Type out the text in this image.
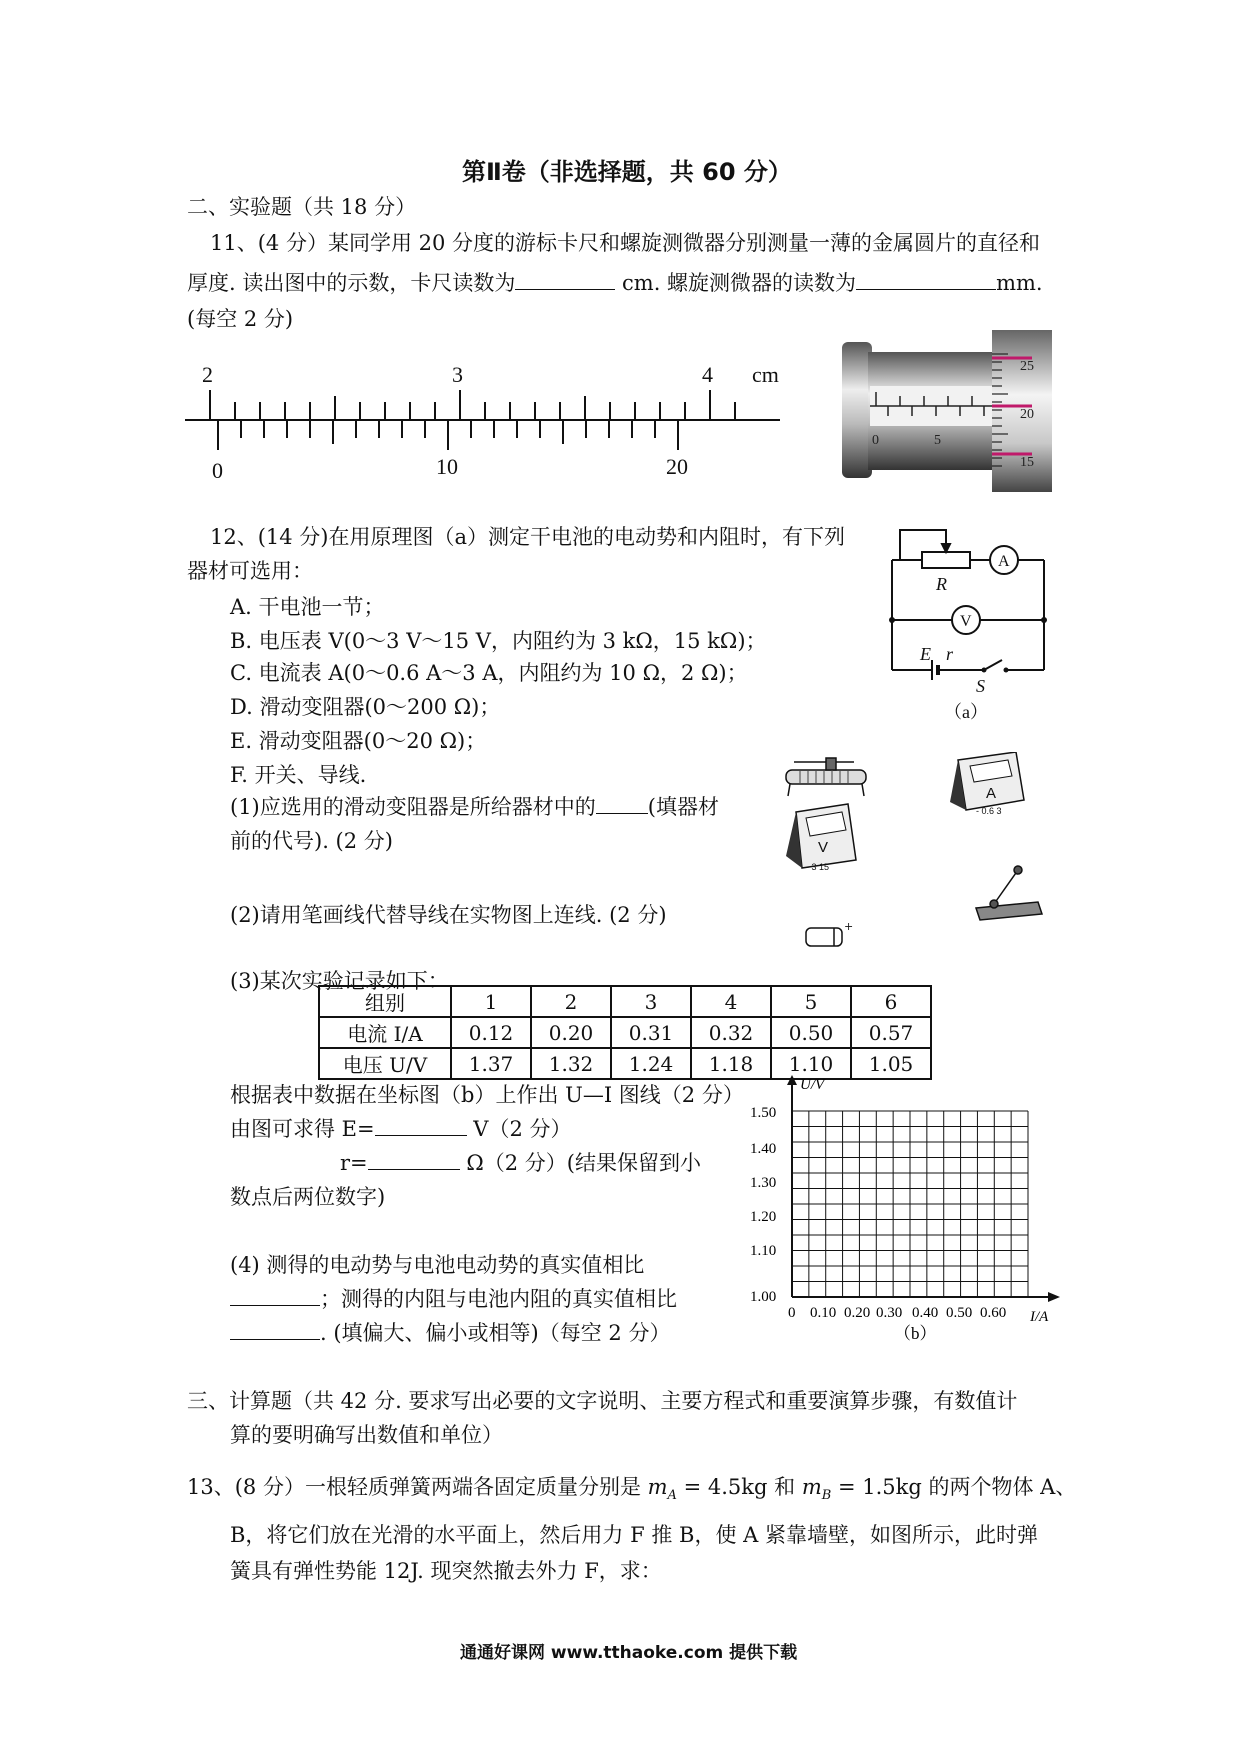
第Ⅱ卷（非选择题，共 60 分）
二、实验题（共 18 分）
11、(4 分）某同学用 20 分度的游标卡尺和螺旋测微器分别测量一薄的金属圆片的直径和
厚度. 读出图中的示数，卡尺读数为	cm. 螺旋测微器的读数为	mm.
(每空 2 分)
2	3	4 cm
0	10	20
0	5
25
20
15
12、(14 分)在用原理图（a）测定干电池的电动势和内阻时，有下列
器材可选用：
A. 干电池一节；
B. 电压表 V(0～3 V～15 V，内阻约为 3 kΩ，15 kΩ)；
C. 电流表 A(0～0.6 A～3 A，内阻约为 10 Ω，2 Ω)；
D. 滑动变阻器(0～200 Ω)；
E. 滑动变阻器(0～20 Ω)；
F. 开关、导线.
(1)应选用的滑动变阻器是所给器材中的 (填器材
前的代号). (2 分)
(2)请用笔画线代替导线在实物图上连线. (2 分)
(3)某次实验记录如下：
R
A
V
E r
S
（a）
A
- 0.6 3
V
- 3 15
+
组别	1	2	3	4	5	6
电流 I/A	0.12	0.20	0.31	0.32	0.50	0.57
电压 U/V	1.37	1.32	1.24	1.18	1.10	1.05
根据表中数据在坐标图（b）上作出 U—I 图线（2 分）
由图可求得 E=	V（2 分）
r=	Ω（2 分）(结果保留到小
数点后两位数字)
(4) 测得的电动势与电池电动势的真实值相比
；测得的内阻与电池内阻的真实值相比
. (填偏大、偏小或相等)（每空 2 分）
U/V
I/A
1.50
1.40
1.30
1.20
1.10
1.00
0 0.10 0.20 0.30 0.40 0.50 0.60
（b）
三、计算题（共 42 分. 要求写出必要的文字说明、主要方程式和重要演算步骤，有数值计
算的要明确写出数值和单位）
13、(8 分）一根轻质弹簧两端各固定质量分别是 $m_A = 4.5kg$ 和 $m_B = 1.5kg$ 的两个物体 A、
B，将它们放在光滑的水平面上，然后用力 F 推 B，使 A 紧靠墙壁，如图所示，此时弹
簧具有弹性势能 12J. 现突然撤去外力 F，求：
通通好课网 www.tthaoke.com 提供下载
